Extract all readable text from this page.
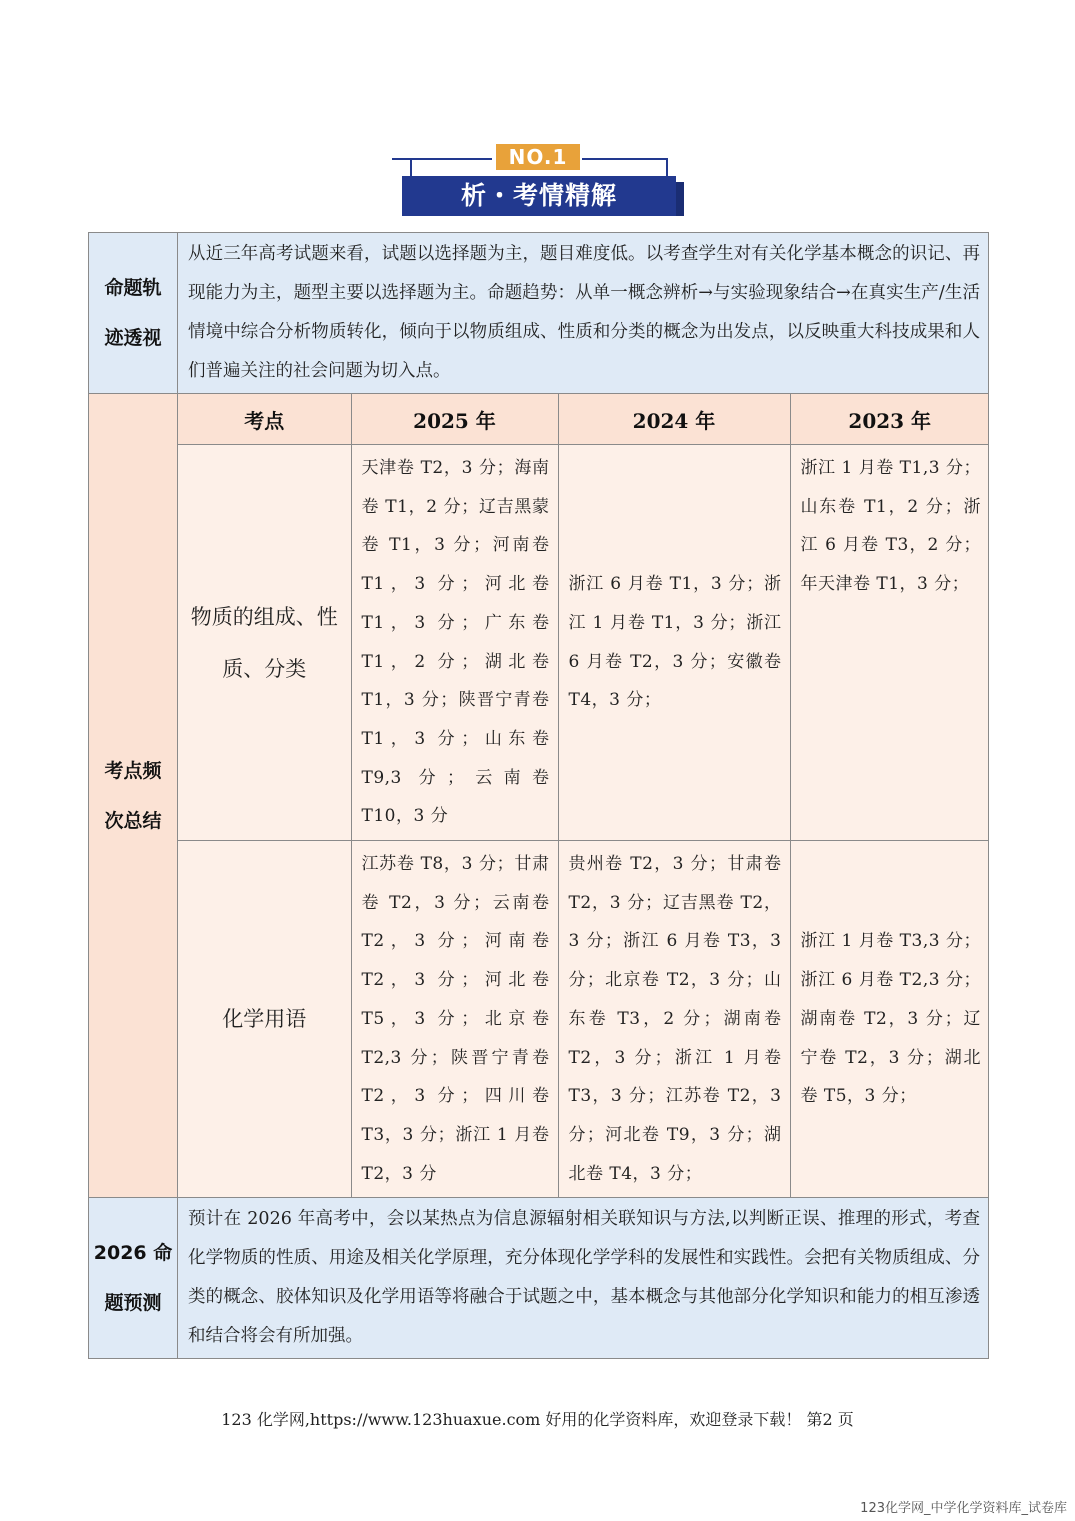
NO.1
析・考情精解
命题轨
迹透视
	从近三年高考试题来看，试题以选择题为主，题目难度低。以考查学生对有关化学基本概念的识记、再现能力为主，题型主要以选择题为主。命题趋势：从单一概念辨析→与实验现象结合→在真实生产/生活情境中综合分析物质转化，倾向于以物质组成、性质和分类的概念为出发点，以反映重大科技成果和人们普遍关注的社会问题为切入点。

考点频
次总结

考点	2025 年	2024 年	2023 年

物质的组成、性
质、分类
	天津卷 T2，3 分；海南卷 T1，2 分；辽吉黑蒙卷 T1，3 分；河南卷 T1，3 分；河北卷 T1，3 分；广东卷 T1，2 分；湖北卷 T1，3 分；陕晋宁青卷 T1，3 分；山东卷 T9,3 分；云南卷 T10，3 分	浙江 6 月卷 T1，3 分；浙江 1 月卷 T1，3 分；浙江 6 月卷 T2，3 分；安徽卷 T4，3 分；	浙江 1 月卷 T1,3 分；山东卷 T1，2 分；浙江 6 月卷 T3，2 分；年天津卷 T1，3 分；

化学用语
	江苏卷 T8，3 分；甘肃卷 T2，3 分；云南卷 T2，3 分；河南卷 T2，3 分；河北卷 T5，3 分；北京卷 T2,3 分；陕晋宁青卷 T2，3 分；四川卷 T3，3 分；浙江 1 月卷 T2，3 分	贵州卷 T2，3 分；甘肃卷 T2，3 分；辽吉黑卷 T2，3 分；浙江 6 月卷 T3，3 分；北京卷 T2，3 分；山东卷 T3，2 分；湖南卷 T2，3 分；浙江 1 月卷 T3，3 分；江苏卷 T2，3 分；河北卷 T9，3 分；湖北卷 T4，3 分；	浙江 1 月卷 T3,3 分；浙江 6 月卷 T2,3 分；湖南卷 T2，3 分；辽宁卷 T2，3 分；湖北卷 T5，3 分；

2026 命
题预测
	预计在 2026 年高考中，会以某热点为信息源辐射相关联知识与方法,以判断正误、推理的形式，考查化学物质的性质、用途及相关化学原理，充分体现化学学科的发展性和实践性。会把有关物质组成、分类的概念、胶体知识及化学用语等将融合于试题之中，基本概念与其他部分化学知识和能力的相互渗透和结合将会有所加强。
123 化学网,https://www.123huaxue.com 好用的化学资料库，欢迎登录下载！ 第2 页
123化学网_中学化学资料库_试卷库
